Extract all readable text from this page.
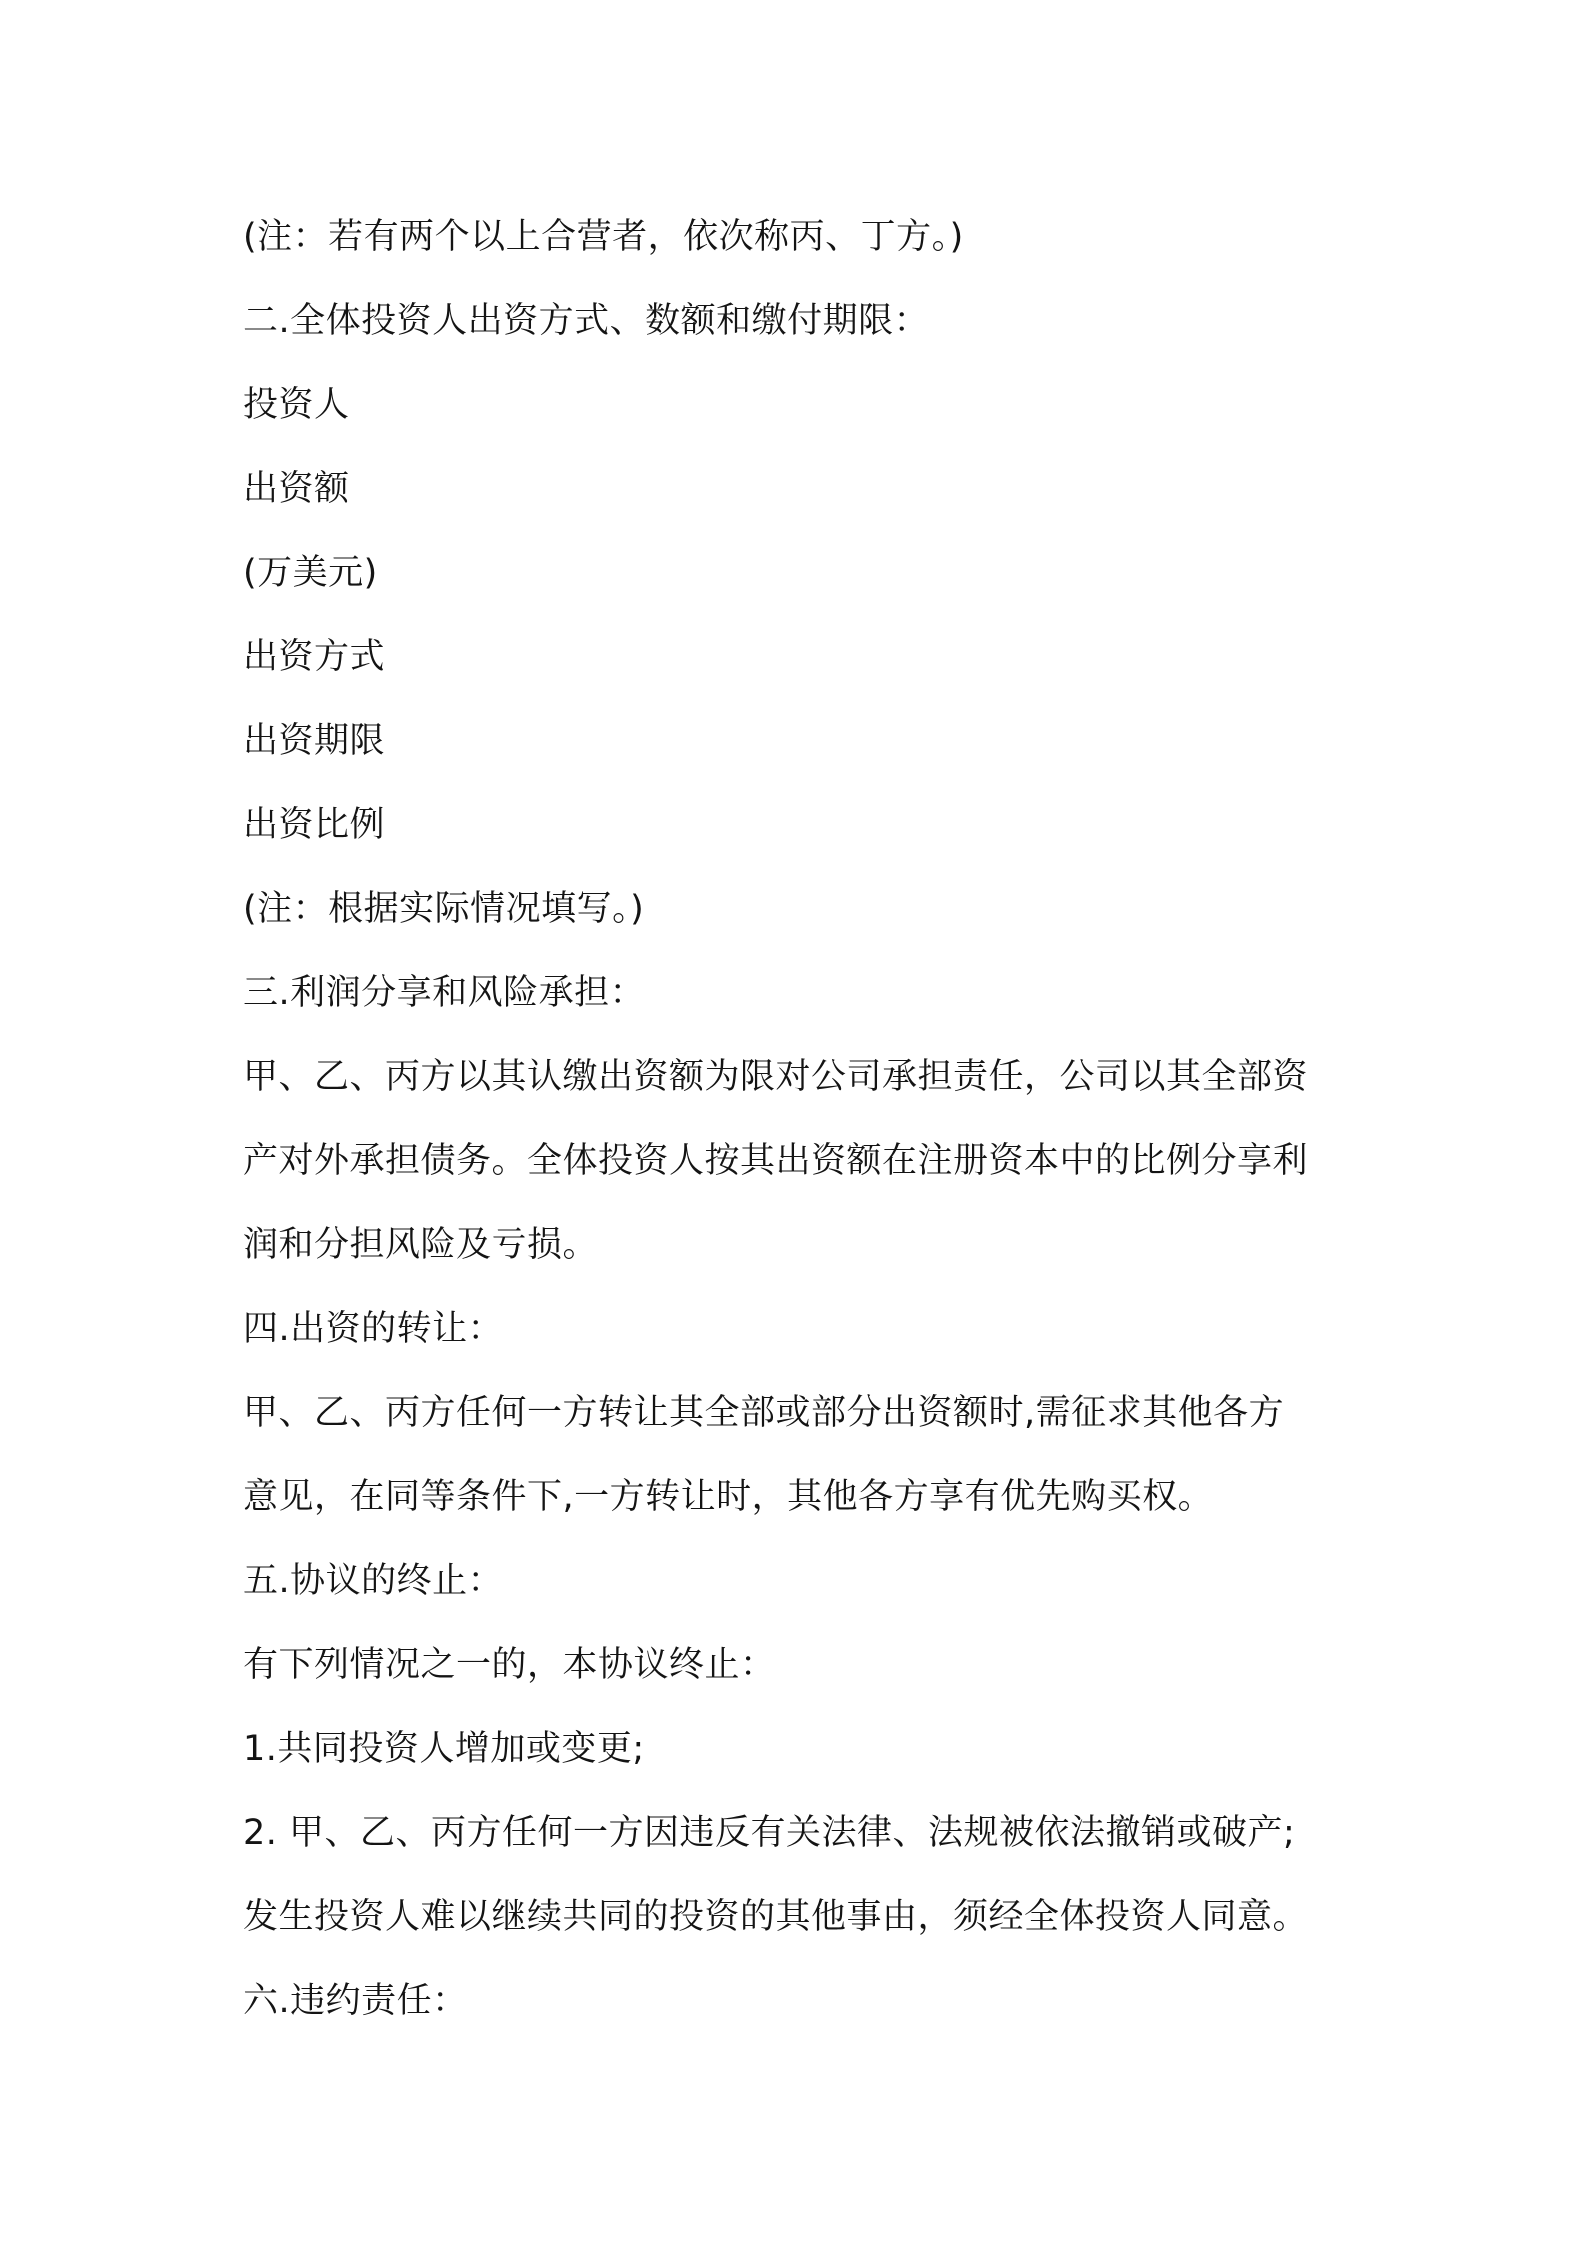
(注：若有两个以上合营者，依次称丙、丁方。)
二.全体投资人出资方式、数额和缴付期限：
投资人
出资额
(万美元)
出资方式
出资期限
出资比例
(注：根据实际情况填写。)
三.利润分享和风险承担：
甲、乙、丙方以其认缴出资额为限对公司承担责任，公司以其全部资
产对外承担债务。全体投资人按其出资额在注册资本中的比例分享利
润和分担风险及亏损。
四.出资的转让：
甲、乙、丙方任何一方转让其全部或部分出资额时,需征求其他各方
意见，在同等条件下,一方转让时，其他各方享有优先购买权。
五.协议的终止：
有下列情况之一的，本协议终止：
1.共同投资人增加或变更;
2. 甲、乙、丙方任何一方因违反有关法律、法规被依法撤销或破产;
发生投资人难以继续共同的投资的其他事由，须经全体投资人同意。
六.违约责任：
